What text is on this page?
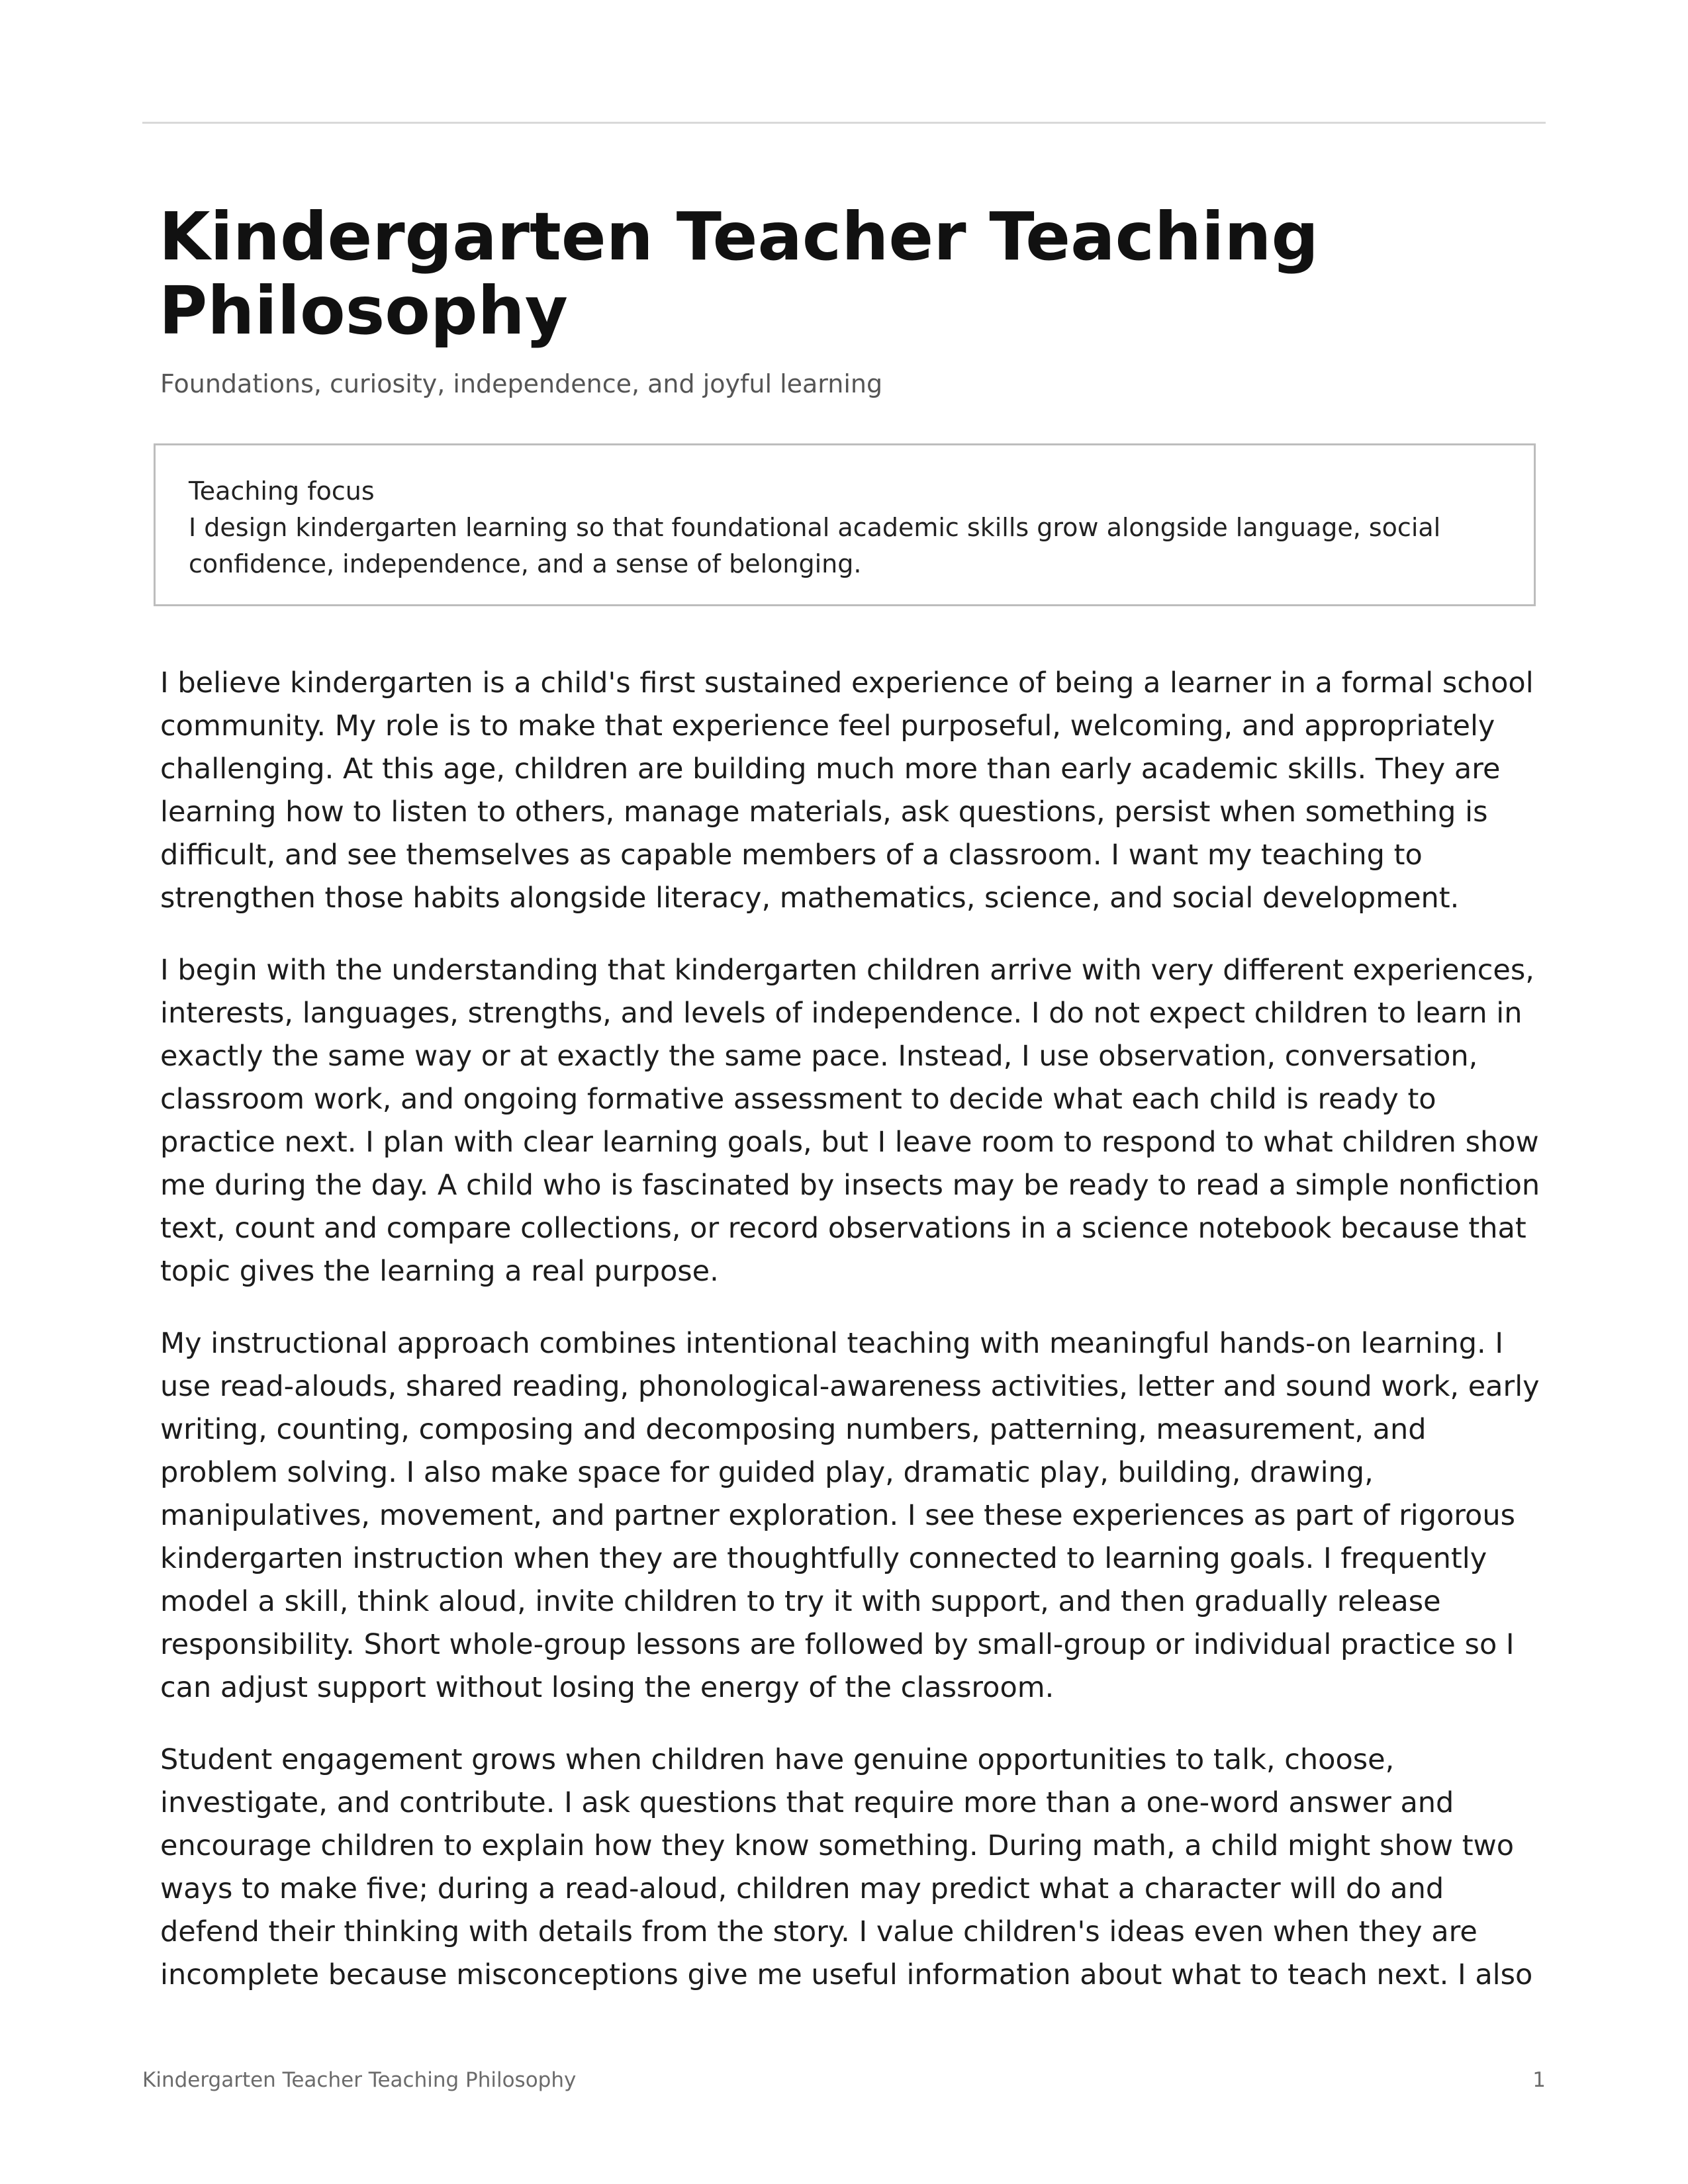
Kindergarten Teacher Teaching Philosophy

Foundations, curiosity, independence, and joyful learning

Teaching focus

I design kindergarten learning so that foundational academic skills grow alongside language, social confidence, independence, and a sense of belonging.

I believe kindergarten is a child's first sustained experience of being a learner in a formal school community. My role is to make that experience feel purposeful, welcoming, and appropriately challenging. At this age, children are building much more than early academic skills. They are learning how to listen to others, manage materials, ask questions, persist when something is difficult, and see themselves as capable members of a classroom. I want my teaching to strengthen those habits alongside literacy, mathematics, science, and social development.

I begin with the understanding that kindergarten children arrive with very different experiences, interests, languages, strengths, and levels of independence. I do not expect children to learn in exactly the same way or at exactly the same pace. Instead, I use observation, conversation, classroom work, and ongoing formative assessment to decide what each child is ready to practice next. I plan with clear learning goals, but I leave room to respond to what children show me during the day. A child who is fascinated by insects may be ready to read a simple nonfiction text, count and compare collections, or record observations in a science notebook because that topic gives the learning a real purpose.

My instructional approach combines intentional teaching with meaningful hands-on learning. I use read-alouds, shared reading, phonological-awareness activities, letter and sound work, early writing, counting, composing and decomposing numbers, patterning, measurement, and problem solving. I also make space for guided play, dramatic play, building, drawing, manipulatives, movement, and partner exploration. I see these experiences as part of rigorous kindergarten instruction when they are thoughtfully connected to learning goals. I frequently model a skill, think aloud, invite children to try it with support, and then gradually release responsibility. Short whole-group lessons are followed by small-group or individual practice so I can adjust support without losing the energy of the classroom.

Student engagement grows when children have genuine opportunities to talk, choose, investigate, and contribute. I ask questions that require more than a one-word answer and encourage children to explain how they know something. During math, a child might show two ways to make five; during a read-aloud, children may predict what a character will do and defend their thinking with details from the story. I value children's ideas even when they are incomplete because misconceptions give me useful information about what to teach next. I also

Kindergarten Teacher Teaching Philosophy	1
